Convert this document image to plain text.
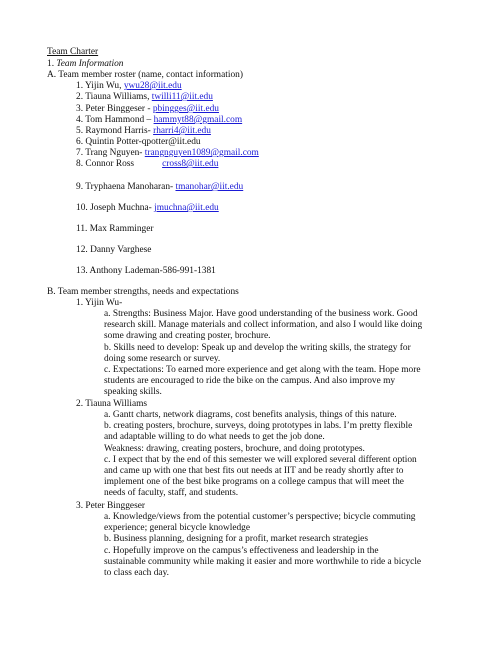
Team Charter
1. Team Information
A. Team member roster (name, contact information)
1. Yijin Wu, ywu28@iit.edu
2. Tiauna Williams, twilli11@iit.edu
3. Peter Binggeser - pbingges@iit.edu
4. Tom Hammond – hammyt88@gmail.com
5. Raymond Harris- rharri4@iit.edu
6. Quintin Potter-qpotter@iit.edu
7. Trang Nguyen- trangnguyen1089@gmail.com
8. Connor Ross	cross8@iit.edu
9. Tryphaena Manoharan- tmanohar@iit.edu
10. Joseph Muchna- jmuchna@iit.edu
11. Max Ramminger
12. Danny Varghese
13. Anthony Lademan-586-991-1381
B. Team member strengths, needs and expectations
1. Yijin Wu-

a. Strengths: Business Major. Have good understanding of the business work. Good research skill. Manage materials and collect information, and also I would like doing some drawing and creating poster, brochure.

b. Skills need to develop: Speak up and develop the writing skills, the strategy for doing some research or survey.

c. Expectations: To earned more experience and get along with the team. Hope more students are encouraged to ride the bike on the campus. And also improve my speaking skills.

2. Tiauna Williams

a. Gantt charts, network diagrams, cost benefits analysis, things of this nature.

b. creating posters, brochure, surveys, doing prototypes in labs. I’m pretty flexible and adaptable willing to do what needs to get the job done.

Weakness: drawing, creating posters, brochure, and doing prototypes.

c. I expect that by the end of this semester we will explored several different option and came up with one that best fits out needs at IIT and be ready shortly after to implement one of the best bike programs on a college campus that will meet the needs of faculty, staff, and students.

3. Peter Binggeser

a. Knowledge/views from the potential customer’s perspective; bicycle commuting experience; general bicycle knowledge

b. Business planning, designing for a profit, market research strategies

c. Hopefully improve on the campus’s effectiveness and leadership in the sustainable community while making it easier and more worthwhile to ride a bicycle to class each day.
